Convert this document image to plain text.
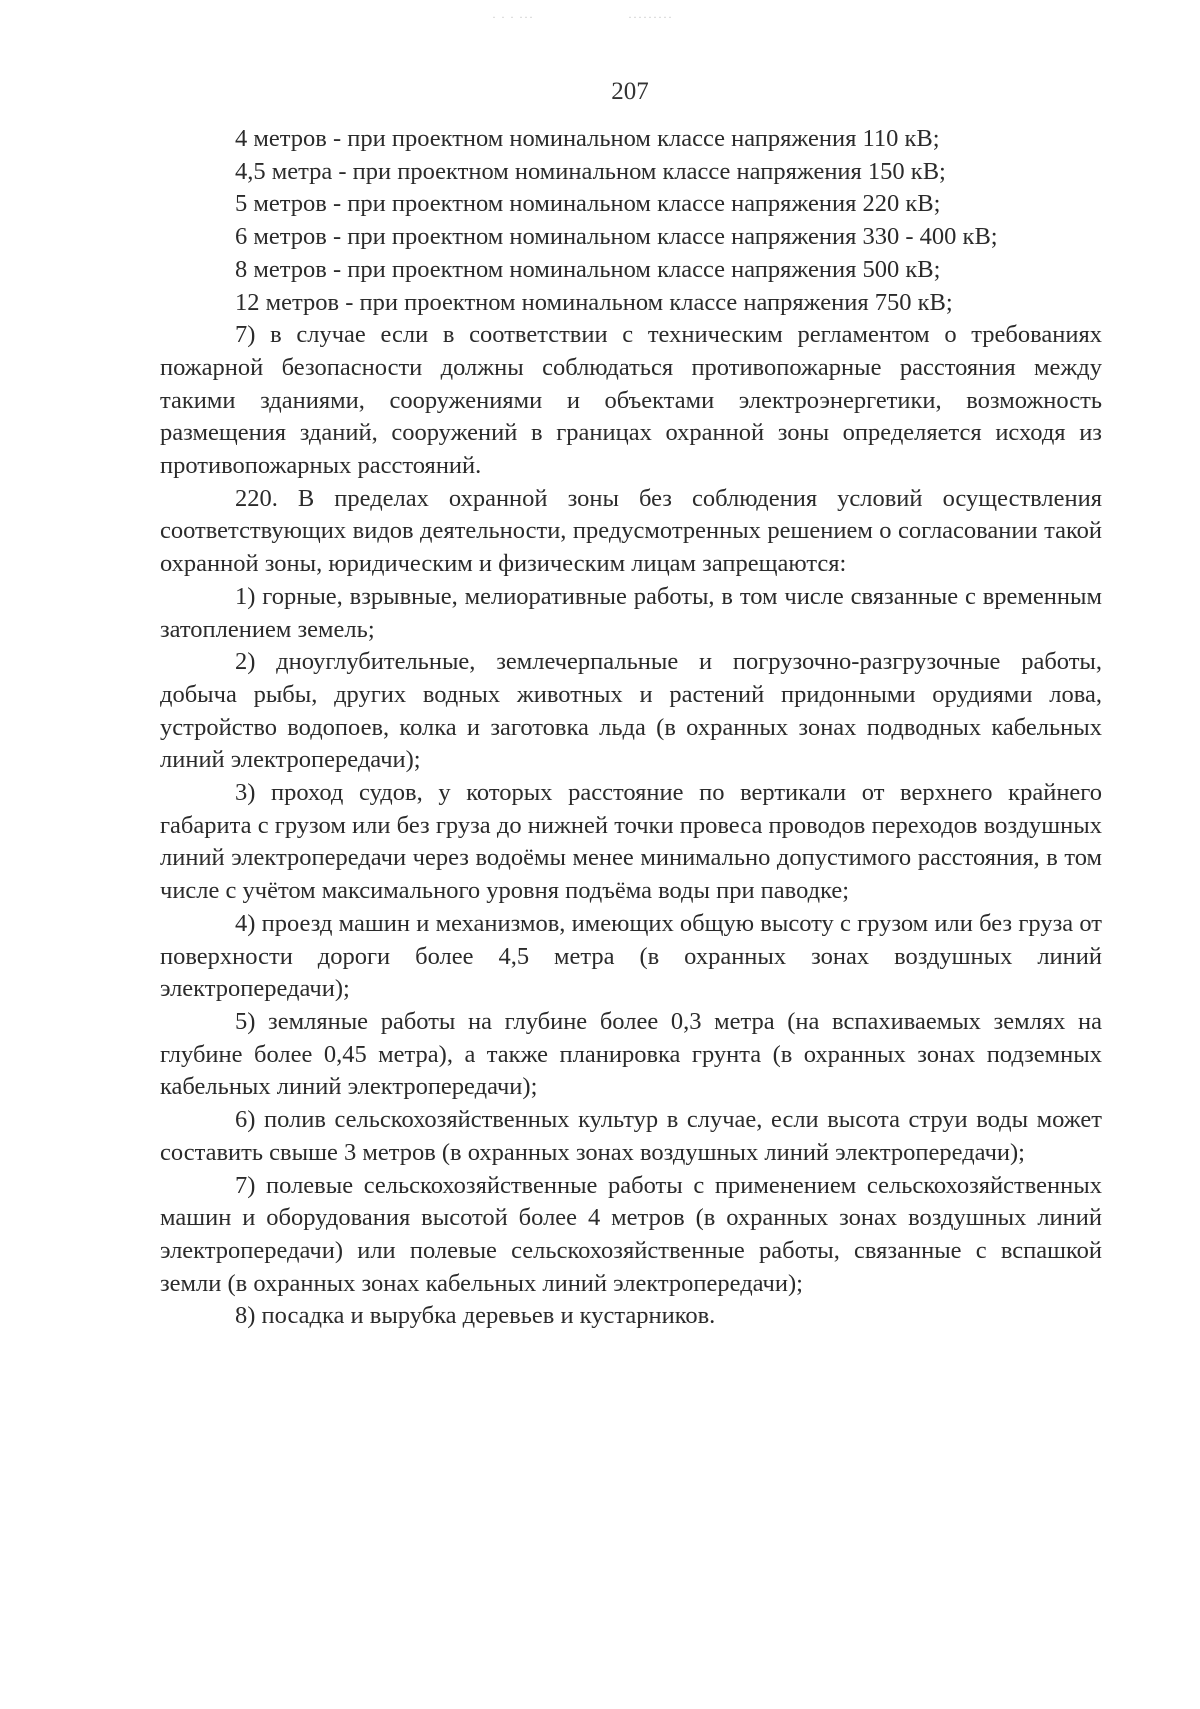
· · · ···	·········
207

4 метров - при проектном номинальном классе напряжения 110 кВ;

4,5 метра - при проектном номинальном классе напряжения 150 кВ;

5 метров - при проектном номинальном классе напряжения 220 кВ;

6 метров - при проектном номинальном классе напряжения 330 - 400 кВ;

8 метров - при проектном номинальном классе напряжения 500 кВ;

12 метров - при проектном номинальном классе напряжения 750 кВ;

7) в случае если в соответствии с техническим регламентом о требованиях пожарной безопасности должны соблюдаться противопожарные расстояния между такими зданиями, сооружениями и объектами электроэнергетики, возможность размещения зданий, сооружений в границах охранной зоны определяется исходя из противопожарных расстояний.

220. В пределах охранной зоны без соблюдения условий осуществления соответствующих видов деятельности, предусмотренных решением о согласовании такой охранной зоны, юридическим и физическим лицам запрещаются:

1) горные, взрывные, мелиоративные работы, в том числе связанные с временным затоплением земель;

2) дноуглубительные, землечерпальные и погрузочно-разгрузочные работы, добыча рыбы, других водных животных и растений придонными орудиями лова, устройство водопоев, колка и заготовка льда (в охранных зонах подводных кабельных линий электропередачи);

3) проход судов, у которых расстояние по вертикали от верхнего крайнего габарита с грузом или без груза до нижней точки провеса проводов переходов воздушных линий электропередачи через водоёмы менее минимально допустимого расстояния, в том числе с учётом максимального уровня подъёма воды при паводке;

4) проезд машин и механизмов, имеющих общую высоту с грузом или без груза от поверхности дороги более 4,5 метра (в охранных зонах воздушных линий электропередачи);

5) земляные работы на глубине более 0,3 метра (на вспахиваемых землях на глубине более 0,45 метра), а также планировка грунта (в охранных зонах подземных кабельных линий электропередачи);

6) полив сельскохозяйственных культур в случае, если высота струи воды может составить свыше 3 метров (в охранных зонах воздушных линий электропередачи);

7) полевые сельскохозяйственные работы с применением сельскохозяйственных машин и оборудования высотой более 4 метров (в охранных зонах воздушных линий электропередачи) или полевые сельскохозяйственные работы, связанные с вспашкой земли (в охранных зонах кабельных линий электропередачи);

8) посадка и вырубка деревьев и кустарников.
